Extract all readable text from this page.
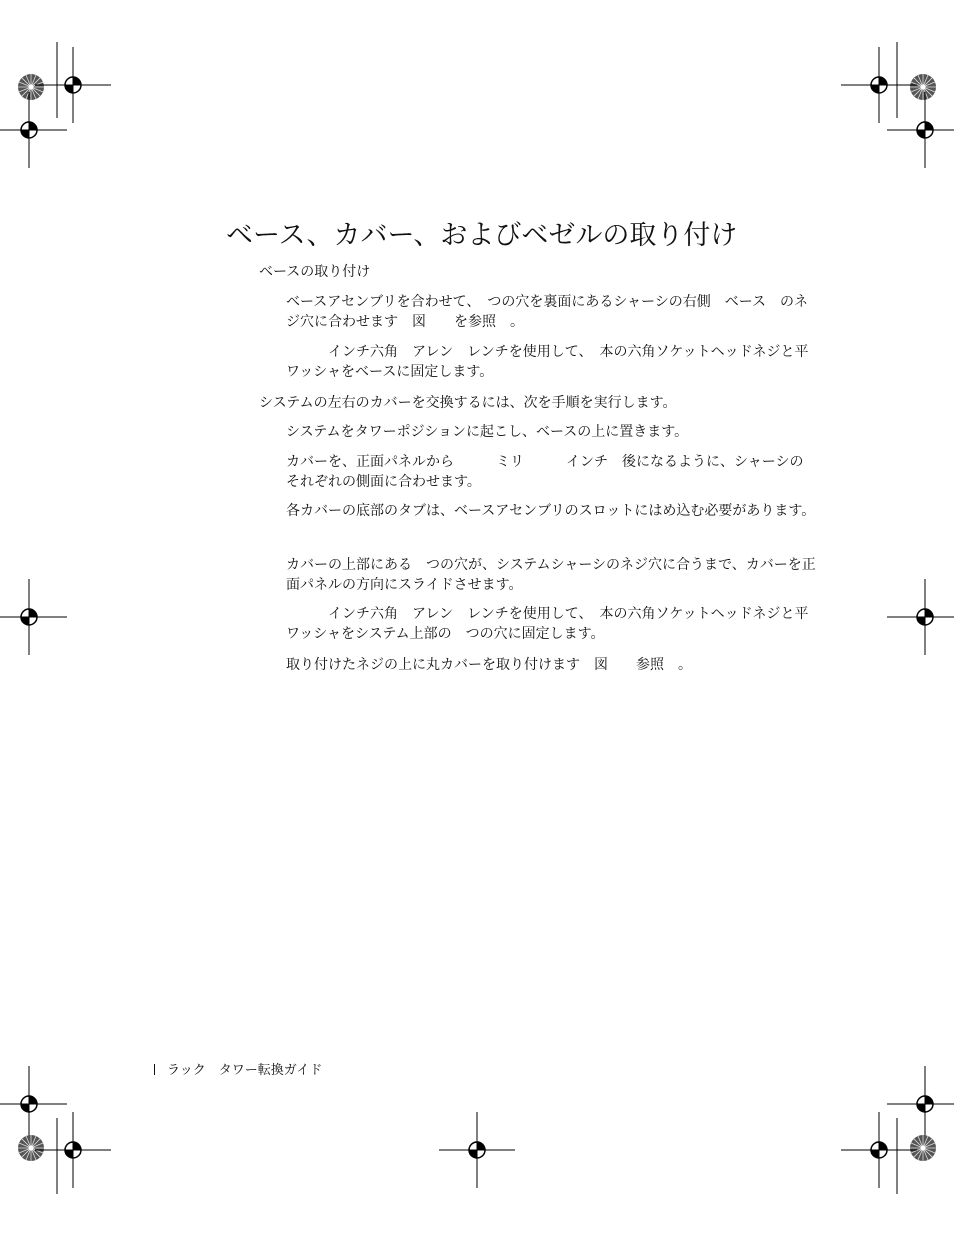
ベース、カバー、およびベゼルの取り付け

ベースの取り付け

ベースアセンブリを合わせて、　つの穴を裏面にあるシャーシの右側　ベース　のネジ穴に合わせます　図　　を参照　。

　　　インチ六角　アレン　レンチを使用して、　本の六角ソケットヘッドネジと平ワッシャをベースに固定します。

システムの左右のカバーを交換するには、次を手順を実行します。

システムをタワーポジションに起こし、ベースの上に置きます。

カバーを、正面パネルから　　　ミリ　　　インチ　後になるように、シャーシのそれぞれの側面に合わせます。

各カバーの底部のタブは、ベースアセンブリのスロットにはめ込む必要があります。

カバーの上部にある　つの穴が、システムシャーシのネジ穴に合うまで、カバーを正面パネルの方向にスライドさせます。

　　　インチ六角　アレン　レンチを使用して、　本の六角ソケットヘッドネジと平ワッシャをシステム上部の　つの穴に固定します。

取り付けたネジの上に丸カバーを取り付けます　図　　参照　。

ラック　タワー転換ガイド
